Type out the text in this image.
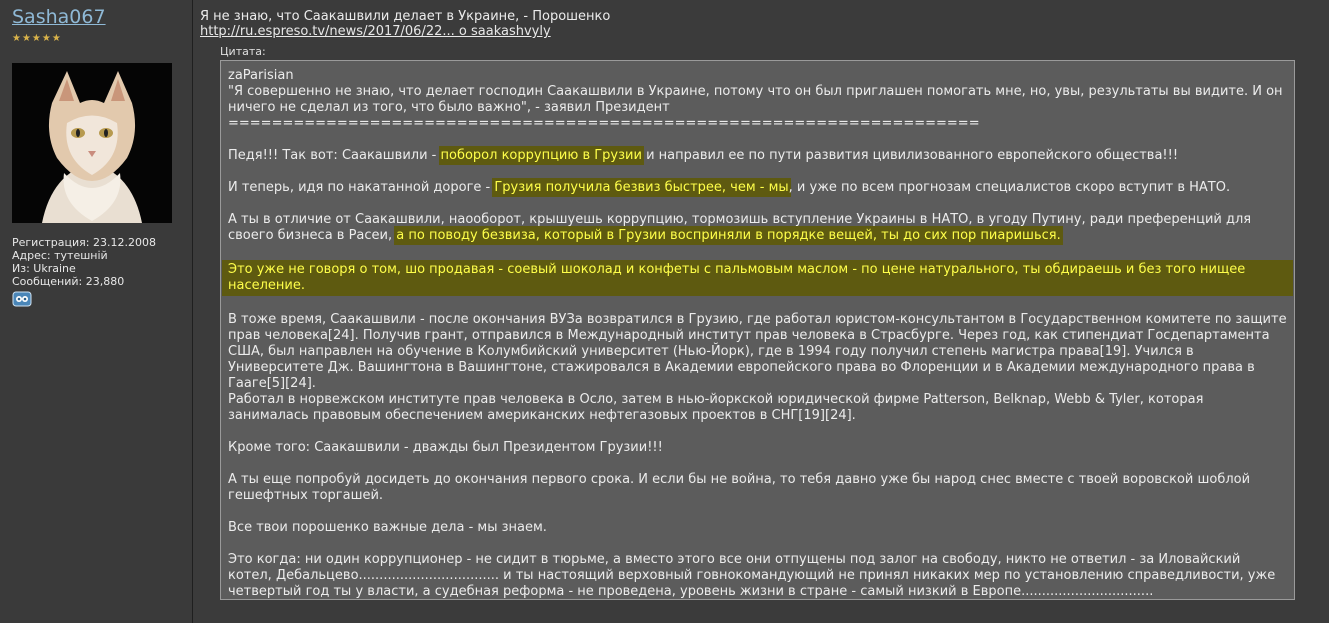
Sasha067
★★★★★
Регистрация: 23.12.2008
Адрес: тутешній
Из: Ukraine
Сообщений: 23,880
Я не знаю, что Саакашвили делает в Украине, - Порошенко
http://ru.espreso.tv/news/2017/06/22... o saakashvyly
Цитата:

zaParisian

"Я совершенно не знаю, что делает господин Саакашвили в Украине, потому что он был приглашен помогать мне, но, увы, результаты вы видите. И он ничего не сделал из того, что было важно", - заявил Президент

=====================================================================

Педя!!! Так вот: Саакашвили - поборол коррупцию в Грузии и направил ее по пути развития цивилизованного европейского общества!!!

И теперь, идя по накатанной дороге - Грузия получила безвиз быстрее, чем - мы, и уже по всем прогнозам специалистов скоро вступит в НАТО.

А ты в отличие от Саакашвили, наооборот, крышуешь коррупцию, тормозишь вступление Украины в НАТО, в угоду Путину, ради преференций для своего бизнеса в Расеи, а по поводу безвиза, который в Грузии восприняли в порядке вещей, ты до сих пор пиаришься.

Это уже не говоря о том, шо продавая - соевый шоколад и конфеты с пальмовым маслом - по цене натурального, ты обдираешь и без того нищее население.

В тоже время, Саакашвили - после окончания ВУЗа возвратился в Грузию, где работал юристом-консультантом в Государственном комитете по защите прав человека[24]. Получив грант, отправился в Международный институт прав человека в Страсбурге. Через год, как стипендиат Госдепартамента США, был направлен на обучение в Колумбийский университет (Нью-Йорк), где в 1994 году получил степень магистра права[19]. Учился в Университете Дж. Вашингтона в Вашингтоне, стажировался в Академии европейского права во Флоренции и в Академии международного права в Гааге[5][24].

Работал в норвежском институте прав человека в Осло, затем в нью-йоркской юридической фирме Patterson, Belknap, Webb & Tyler, которая занималась правовым обеспечением американских нефтегазовых проектов в СНГ[19][24].

Кроме того: Саакашвили - дважды был Президентом Грузии!!!

А ты еще попробуй досидеть до окончания первого срока. И если бы не война, то тебя давно уже бы народ снес вместе с твоей воровской шоблой гешефтных торгашей.

Все твои порошенко важные дела - мы знаем.

Это когда: ни один коррупционер - не сидит в тюрьме, а вместо этого все они отпущены под залог на свободу, никто не ответил - за Иловайский котел, Дебальцево.................................. и ты настоящий верховный говнокомандующий не принял никаких мер по установлению справедливости, уже четвертый год ты у власти, а судебная реформа - не проведена, уровень жизни в стране - самый низкий в Европе................................
